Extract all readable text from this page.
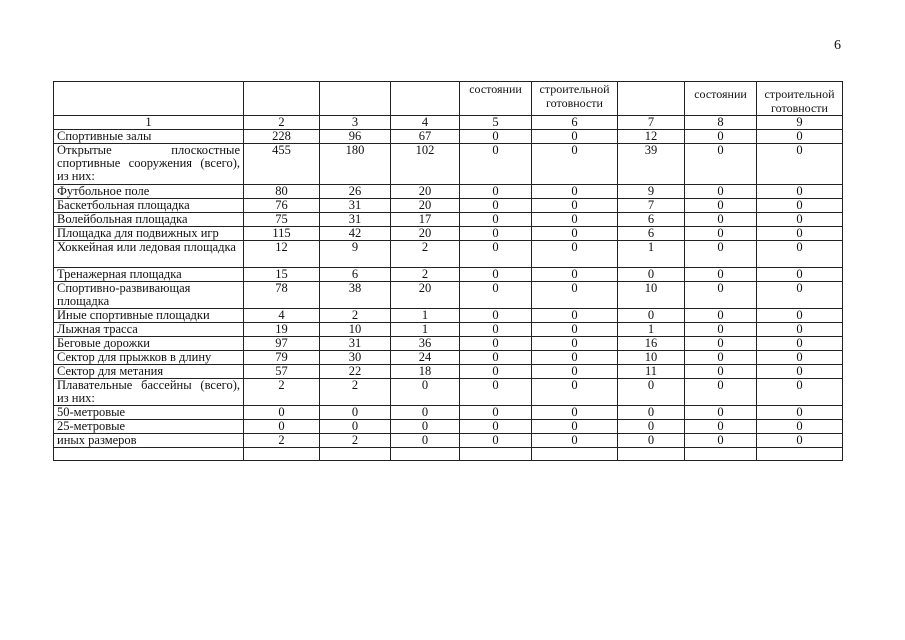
6
				состоянии	строительной готовности		состоянии	строительной готовности
1	2	3	4	5	6	7	8	9
Спортивные залы	228	96	67	0	0	12	0	0
Открытые плоскостные спортивные сооружения (всего), из них:	455	180	102	0	0	39	0	0
Футбольное поле	80	26	20	0	0	9	0	0
Баскетбольная площадка	76	31	20	0	0	7	0	0
Волейбольная площадка	75	31	17	0	0	6	0	0
Площадка для подвижных игр	115	42	20	0	0	6	0	0
Хоккейная или ледовая площадка	12	9	2	0	0	1	0	0
Тренажерная площадка	15	6	2	0	0	0	0	0
Спортивно-развивающая площадка	78	38	20	0	0	10	0	0
Иные спортивные площадки	4	2	1	0	0	0	0	0
Лыжная трасса	19	10	1	0	0	1	0	0
Беговые дорожки	97	31	36	0	0	16	0	0
Сектор для прыжков в длину	79	30	24	0	0	10	0	0
Сектор для метания	57	22	18	0	0	11	0	0
Плавательные бассейны (всего), из них:	2	2	0	0	0	0	0	0
50-метровые	0	0	0	0	0	0	0	0
25-метровые	0	0	0	0	0	0	0	0
иных размеров	2	2	0	0	0	0	0	0
